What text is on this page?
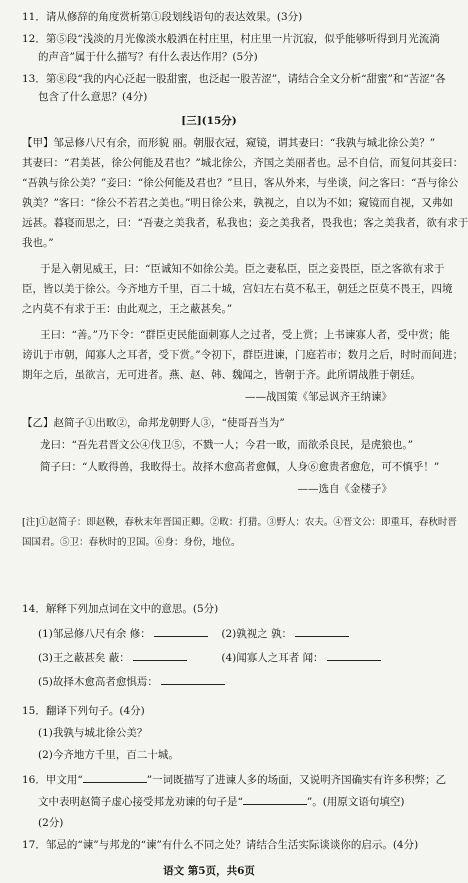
11．请从修辞的角度赏析第①段划线语句的表达效果。(3分)
12．第⑤段“浅淡的月光像淡水般洒在村庄里，村庄里一片沉寂，似乎能够听得到月光流淌
的声音”属于什么描写？有什么表达作用？(5分)
13．第⑧段“我的内心泛起一股甜蜜，也泛起一股苦涩”，请结合全文分析“甜蜜”和“苦涩”各
包含了什么意思？(4分)
[三](15分)
【甲】邹忌修八尺有余，而形貌 丽。朝服衣冠，窥镜，谓其妻曰：“我孰与城北徐公美？”
其妻曰：“君美甚，徐公何能及君也？”城北徐公，齐国之美丽者也。忌不自信，而复问其妾曰：
“吾孰与徐公美？”妾曰：“徐公何能及君也？”旦日，客从外来，与坐谈，问之客曰：“吾与徐公
孰美？”客曰：“徐公不若君之美也。”明日徐公来，孰视之，自以为不如；窥镜而自视，又弗如
远甚。暮寝而思之，曰：“吾妻之美我者，私我也；妾之美我者，畏我也；客之美我者，欲有求于
我也。”
于是入朝见威王，曰：“臣诚知不如徐公美。臣之妻私臣，臣之妾畏臣，臣之客欲有求于
臣，皆以美于徐公。今齐地方千里，百二十城，宫妇左右莫不私王，朝廷之臣莫不畏王，四境
之内莫不有求于王：由此观之，王之蔽甚矣。”
王曰：“善。”乃下令：“群臣吏民能面刺寡人之过者，受上赏；上书谏寡人者，受中赏；能
谤讥于市朝，闻寡人之耳者，受下赏。”令初下，群臣进谏，门庭若市；数月之后，时时而间进；
期年之后，虽欲言，无可进者。燕、赵、韩、魏闻之，皆朝于齐。此所谓战胜于朝廷。
——战国策《邹忌讽齐王纳谏》
【乙】赵简子①出畋②，命邦龙朝野人③，“使哥吾当为”
龙曰：“吾先君晋文公④伐卫⑤，不戮一人；今君一畋，而欲杀良民，是虎狼也。”
简子曰：“人畋得兽，我畋得士。故择木愈高者愈佩，人身⑥愈贵者愈危，可不慎乎！”
——选自《金楼子》
[注]①赵简子：即赵鞅，春秋末年晋国正卿。②畋：打猎。③野人：农夫。④晋文公：即重耳，春秋时晋
国国君。⑤卫：春秋时的卫国。⑥身：身份，地位。
14．解释下列加点词在文中的意思。(5分)
(1)邹忌修八尺有余 修：	(2)孰视之 孰：
(3)王之蔽甚矣 蔽：	(4)闻寡人之耳者 闻：
(5)故择木愈高者愈惧焉：
15．翻译下列句子。(4分)
(1)我孰与城北徐公美？
(2)今齐地方千里，百二十城。
16．甲文用“	”一词既描写了进谏人多的场面，又说明齐国确实有许多积弊；乙
文中表明赵简子虚心接受邦龙劝谏的句子是“	”。(用原文语句填空)
(2分)
17．邹忌的“谏”与邦龙的“谏”有什么不同之处？请结合生活实际谈谈你的启示。(4分)
语文 第5页，共6页
